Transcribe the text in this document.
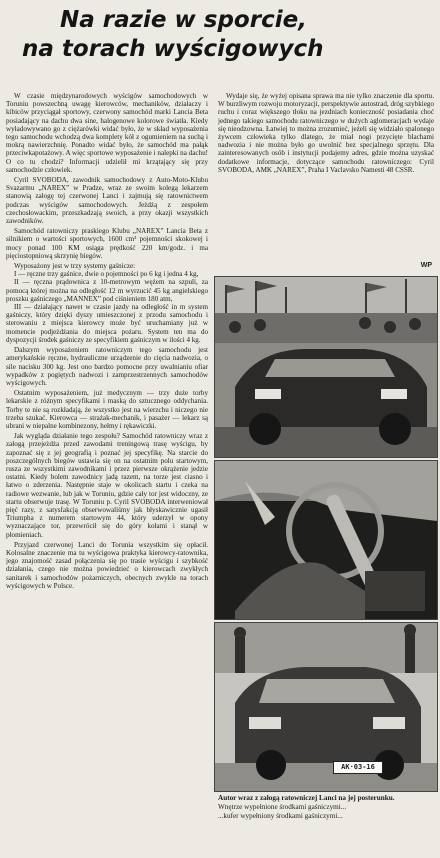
Na razie w sporcie,
na torach wyścigowych

W czasie międzynarodowych wyścigów samochodowych w Toruniu powszechną uwagę kierowców, mechaników, działaczy i kibiców przyciągał sportowy, czerwony samochód marki Lancia Beta posiadający na dachu dwa sine, halogenowe kolorowe światła. Kiedy wyładowywano go z ciężarówki widać było, że w skład wyposażenia tego samochodu wchodzą dwa komplety kół z ogumieniem na suchą i mokrą nawierzchnię. Ponadto widać było, że samochód ma pałąk przeciwkapotażowy. A więc sportowe wyposażenie i nalepki na dachu! O co tu chodzi? Informacji udzielił mi krzątający się przy samochodzie człowiek.

Cyril SVOBODA, zawodnik samochodowy z Auto-Moto-Klubu Svazarmu „NAREX” w Pradze, wraz ze swoim kolegą lekarzem stanowią załogę tej czerwonej Lanci i zajmują się ratownictwem podczas wyścigów samochodowych. Jeżdżą z zespołem czechosłowackim, przeszkadzają swoich, a przy okazji wszystkich zawodników.

Samochód ratowniczy praskiego Klubu „NAREX” Lancia Beta z silnikiem o wartości sportowych, 1600 cm³ pojemności skokowej i mocy ponad 100 KM osiąga prędkość 220 km/godz. i ma pięciostopniową skrzynię biegów.

Wyposażony jest w trzy systemy gaśnicze:

I — ręczne trzy gaśnice, dwie o pojemności po 6 kg i jedna 4 kg,

II — ręczna prądownica z 10-metrowym wężem na szpuli, za pomocą której można na odległość 12 m wyrzucić 45 kg angielskiego proszku gaśniczego „MANNEX” pod ciśnieniem 180 atm,

III — działający nawet w czasie jazdy na odległość in m system gaśniczy, który dzięki dyszy umieszczonej z przodu samochodu i sterowaniu z miejsca kierowcy może być uruchamiany już w momencie podjeżdżania do miejsca pożaru. System ten ma do dyspozycji środek gaśniczy ze specyfikiem gaśniczym w ilości 4 kg.

Dalszym wyposażeniem ratowniczym tego samochodu jest amerykańskie ręczne, hydrauliczne urządzenie do cięcia nadwozia, o sile nacisku 300 kg. Jest ono bardzo pomocne przy uwalnianiu ofiar wypadków z pogiętych nadwozi i zamprzestrzennych samochodów wyścigowych.

Ostatnim wyposażeniem, już medycznym — trzy duże torby lekarskie z różnym specyfikami i maską do sztucznego oddychania. Torby te nie są rozkładają, że wszystko jest na wierzchu i niczego nie trzeba szukać. Kierowca — strażak-mechanik, i pasażer — lekarz są ubrani w niepalne kombinezony, hełmy i rękawiczki.

Jak wygląda działanie tego zespołu? Samochód ratowniczy wraz z załogą przejeżdża przed zawodami treningową trasę wyścigu, by zapoznać się z jej geografią i poznać jej specyfikę. Na starcie do poszczególnych biegów ustawia się on na ostatnim polu startowym, rusza ze wszystkimi zawodnikami i przez pierwsze okrążenie jedzie ostatni. Kiedy bolem zawodnicy jadą razem, na torze jest ciasno i łatwo o zderzenia. Następnie staje w okolicach startu i czeka na radiowe wezwanie, lub jak w Toruniu, gdzie cały tor jest widoczny, ze startu obserwuje trasę. W Toruniu p. Cyril SVOBODA interweniował pięć razy, z satysfakcją obserwowaliśmy jak błyskawicznie ugasił Triumpha z numerem startowym 44, który uderzył w opony wyznaczające tor, przewrócił się do góry kołami i stanął w płomieniach.

Przyjazd czerwonej Lanci do Torunia wszystkim się opłacił. Kolosalne znaczenie ma tu wyścigowa praktyka kierowcy-ratownika, jego znajomość zasad połączenia się po trasie wyścigu i szybkość działania, czego nie można powiedzieć o kierowcach zwykłych sanitarek i samochodów pożarniczych, obecnych zwykle na torach wyścigowych w Polsce.

Wydaje się, że wyżej opisana sprawa ma nie tylko znaczenie dla sportu. W burzliwym rozwoju motoryzacji, perspektywie autostrad, dróg szybkiego ruchu i coraz większego tłoku na jezdniach konieczność posiadania choć jednego takiego samochodu ratowniczego w dużych aglomeracjach wydaje się nieodzowna. Łatwiej to można zrozumieć, jeżeli się widziało spalonego żywcem człowieka tylko dlatego, że miał nogi przycięte blachami nadwozia i nie można było go uwolnić bez specjalnego sprzętu. Dla zainteresowanych osób i instytucji podajemy adres, gdzie można uzyskać dodatkowe informacje, dotyczące samochodu ratowniczego: Cyril SVOBODA, AMK „NAREX”, Praha I Vaclavsko Namesti 48 CSSR.

WP
AK·03-16
Autor wraz z załogą ratowniczej Lanci na jej posterunku.
Wnętrze wypełnione środkami gaśniczymi...
...kufer wypełniony środkami gaśniczymi...
